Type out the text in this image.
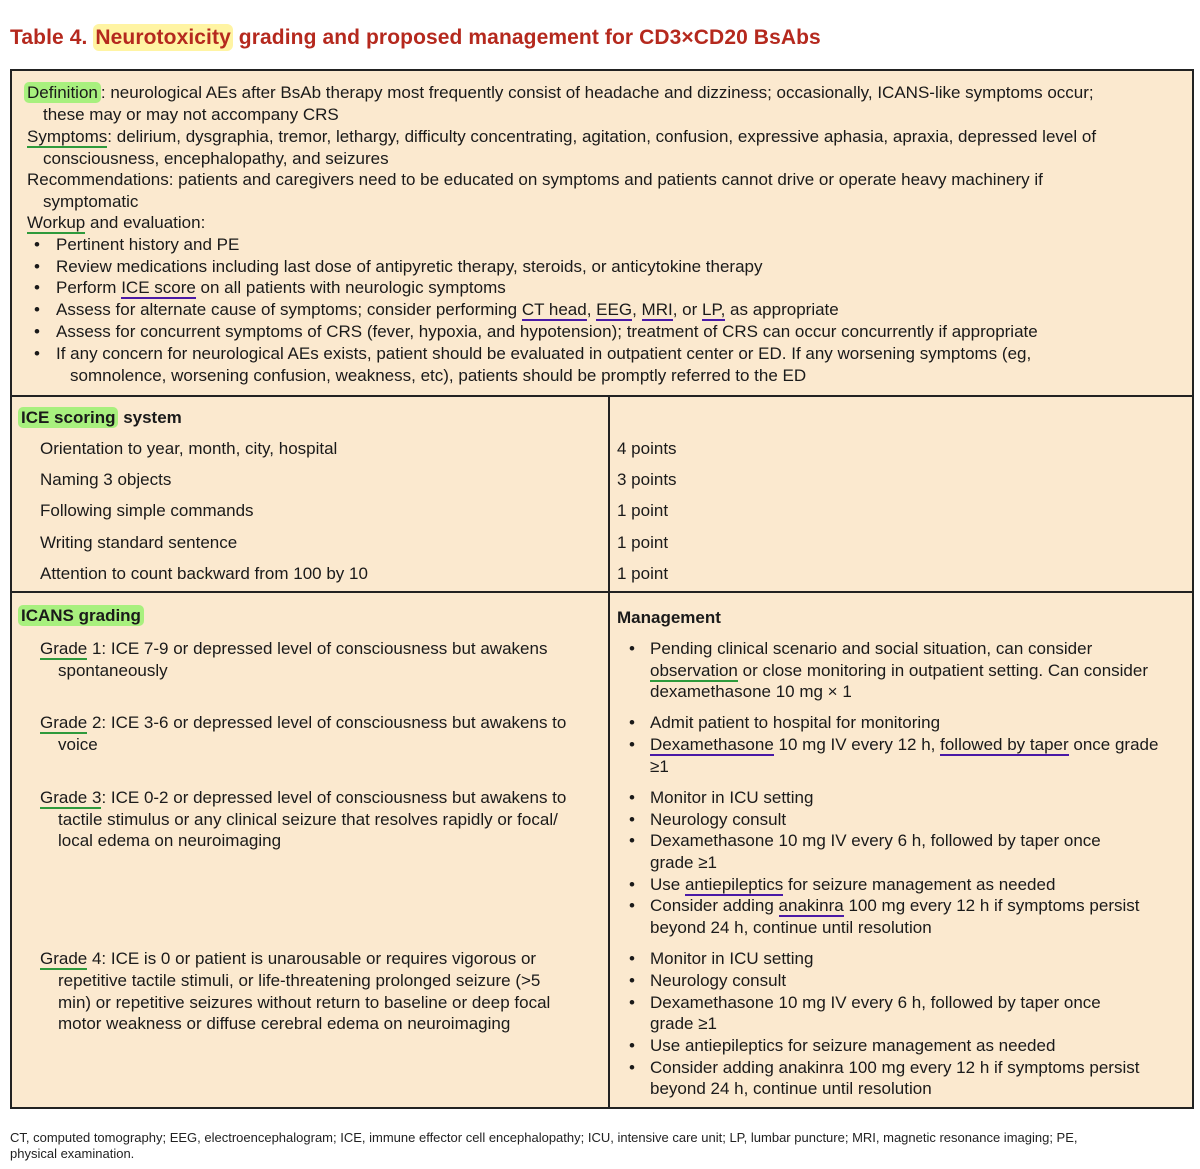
Table 4. Neurotoxicity grading and proposed management for CD3×CD20 BsAbs
Definition : neurological AEs after BsAb therapy most frequently consist of headache and dizziness; occasionally, ICANS-like symptoms occur;
these may or may not accompany CRS
Symptoms: delirium, dysgraphia, tremor, lethargy, difficulty concentrating, agitation, confusion, expressive aphasia, apraxia, depressed level of
consciousness, encephalopathy, and seizures
Recommendations: patients and caregivers need to be educated on symptoms and patients cannot drive or operate heavy machinery if
symptomatic
Workup and evaluation:
• Pertinent history and PE
• Review medications including last dose of antipyretic therapy, steroids, or anticytokine therapy
• Perform ICE score on all patients with neurologic symptoms
• Assess for alternate cause of symptoms; consider performing CT head, EEG, MRI, or LP, as appropriate
• Assess for concurrent symptoms of CRS (fever, hypoxia, and hypotension); treatment of CRS can occur concurrently if appropriate
• If any concern for neurological AEs exists, patient should be evaluated in outpatient center or ED. If any worsening symptoms (eg,
somnolence, worsening confusion, weakness, etc), patients should be promptly referred to the ED
ICE scoring system
Orientation to year, month, city, hospital	4 points
Naming 3 objects	3 points
Following simple commands	1 point
Writing standard sentence	1 point
Attention to count backward from 100 by 10	1 point
ICANS grading	Management
Grade 1: ICE 7-9 or depressed level of consciousness but awakens
spontaneously
• Pending clinical scenario and social situation, can consider
observation or close monitoring in outpatient setting. Can consider
dexamethasone 10 mg × 1
Grade 2: ICE 3-6 or depressed level of consciousness but awakens to
voice
• Admit patient to hospital for monitoring
• Dexamethasone 10 mg IV every 12 h, followed by taper once grade
≥1
Grade 3: ICE 0-2 or depressed level of consciousness but awakens to
tactile stimulus or any clinical seizure that resolves rapidly or focal/
local edema on neuroimaging
• Monitor in ICU setting
• Neurology consult
• Dexamethasone 10 mg IV every 6 h, followed by taper once
grade ≥1
• Use antiepileptics for seizure management as needed
• Consider adding anakinra 100 mg every 12 h if symptoms persist
beyond 24 h, continue until resolution
Grade 4: ICE is 0 or patient is unarousable or requires vigorous or
repetitive tactile stimuli, or life-threatening prolonged seizure (>5
min) or repetitive seizures without return to baseline or deep focal
motor weakness or diffuse cerebral edema on neuroimaging
• Monitor in ICU setting
• Neurology consult
• Dexamethasone 10 mg IV every 6 h, followed by taper once
grade ≥1
• Use antiepileptics for seizure management as needed
• Consider adding anakinra 100 mg every 12 h if symptoms persist
beyond 24 h, continue until resolution
CT, computed tomography; EEG, electroencephalogram; ICE, immune effector cell encephalopathy; ICU, intensive care unit; LP, lumbar puncture; MRI, magnetic resonance imaging; PE,
physical examination.
